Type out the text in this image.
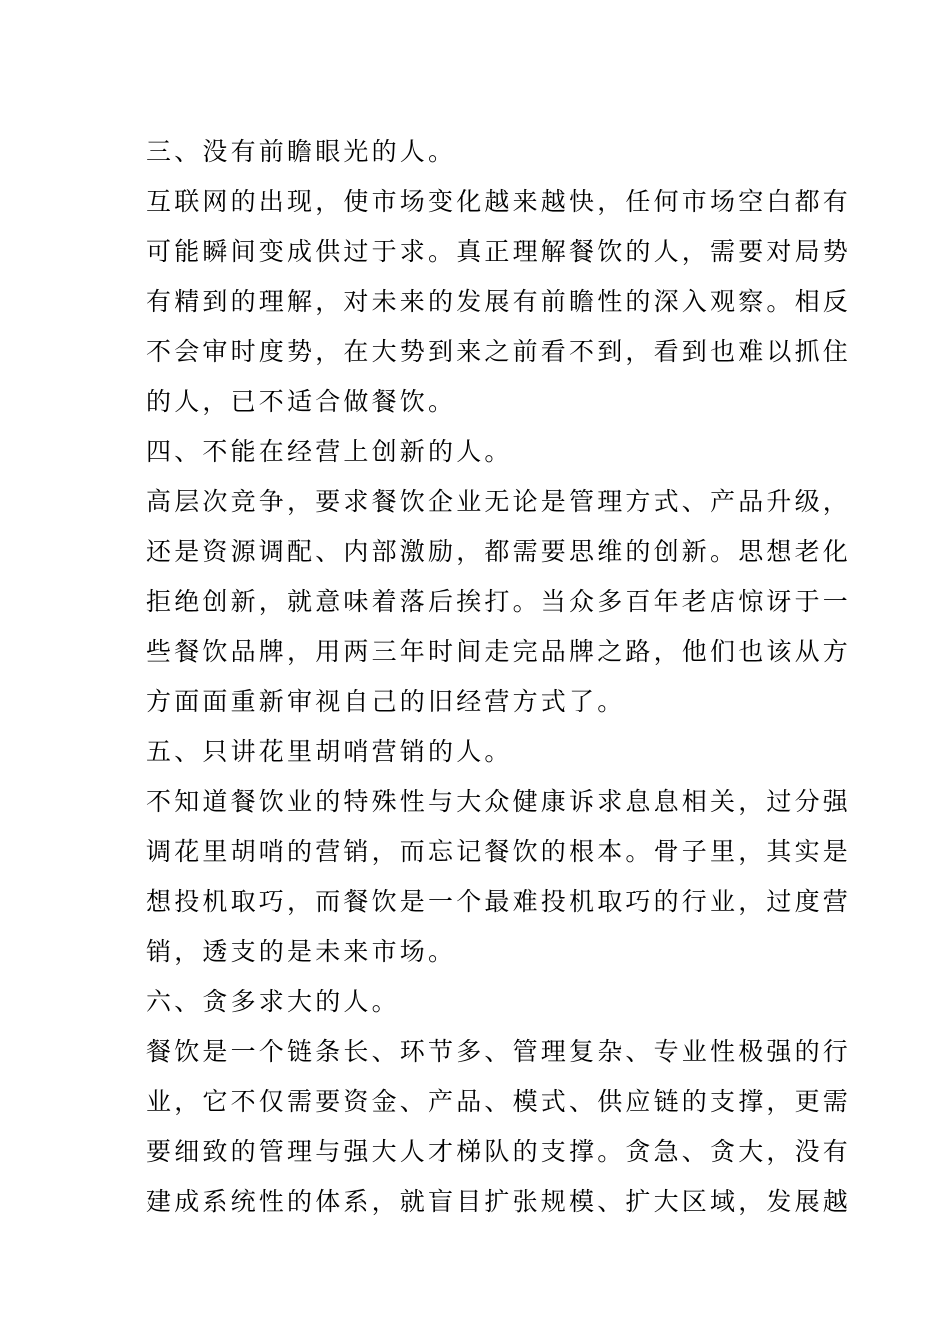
三、没有前瞻眼光的人。
互联网的出现，使市场变化越来越快，任何市场空白都有
可能瞬间变成供过于求。真正理解餐饮的人，需要对局势
有精到的理解，对未来的发展有前瞻性的深入观察。相反
不会审时度势，在大势到来之前看不到，看到也难以抓住
的人，已不适合做餐饮。
四、不能在经营上创新的人。
高层次竞争，要求餐饮企业无论是管理方式、产品升级，
还是资源调配、内部激励，都需要思维的创新。思想老化
拒绝创新，就意味着落后挨打。当众多百年老店惊讶于一
些餐饮品牌，用两三年时间走完品牌之路，他们也该从方
方面面重新审视自己的旧经营方式了。
五、只讲花里胡哨营销的人。
不知道餐饮业的特殊性与大众健康诉求息息相关，过分强
调花里胡哨的营销，而忘记餐饮的根本。骨子里，其实是
想投机取巧，而餐饮是一个最难投机取巧的行业，过度营
销，透支的是未来市场。
六、贪多求大的人。
餐饮是一个链条长、环节多、管理复杂、专业性极强的行
业，它不仅需要资金、产品、模式、供应链的支撑，更需
要细致的管理与强大人才梯队的支撑。贪急、贪大，没有
建成系统性的体系，就盲目扩张规模、扩大区域，发展越
